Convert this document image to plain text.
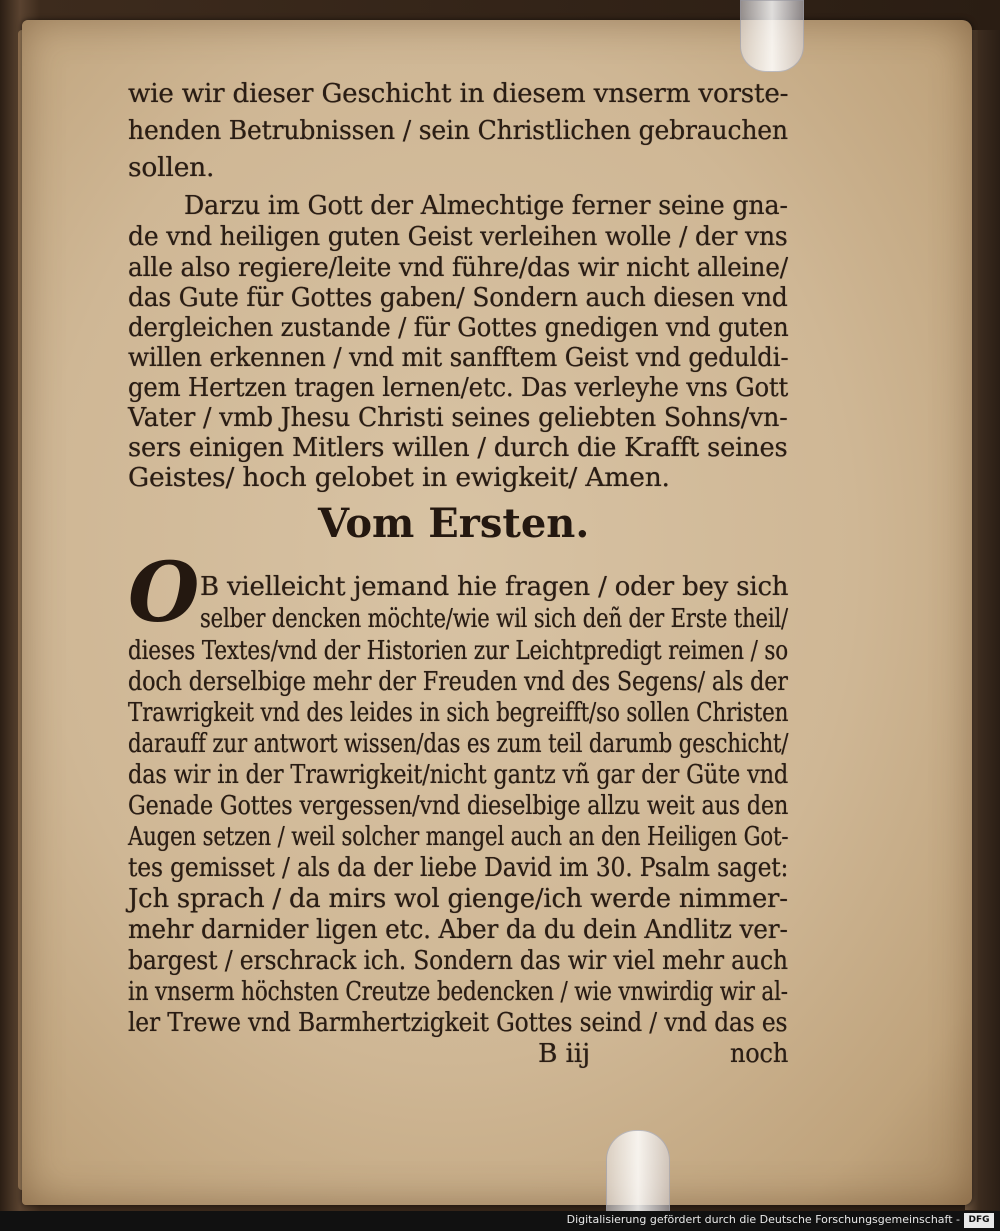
wie wir dieser Geschicht in diesem vnserm vorste-
henden Betrubnissen / sein Christlichen gebrauchen
sollen.
Darzu im Gott der Almechtige ferner seine gna-
de vnd heiligen guten Geist verleihen wolle / der vns
alle also regiere/leite vnd führe/das wir nicht alleine/
das Gute für Gottes gaben/ Sondern auch diesen vnd
dergleichen zustande / für Gottes gnedigen vnd guten
willen erkennen / vnd mit sanfftem Geist vnd geduldi-
gem Hertzen tragen lernen/etc. Das verleyhe vns Gott
Vater / vmb Jhesu Christi seines geliebten Sohns/vn-
sers einigen Mitlers willen / durch die Krafft seines
Geistes/ hoch gelobet in ewigkeit/ Amen.
Vom Ersten.
O B vielleicht jemand hie fragen / oder bey sich
selber dencken möchte/wie wil sich deñ der Erste theil/
dieses Textes/vnd der Historien zur Leichtpredigt reimen / so
doch derselbige mehr der Freuden vnd des Segens/ als der
Trawrigkeit vnd des leides in sich begreifft/so sollen Christen
darauff zur antwort wissen/das es zum teil darumb geschicht/
das wir in der Trawrigkeit/nicht gantz vñ gar der Güte vnd
Genade Gottes vergessen/vnd dieselbige allzu weit aus den
Augen setzen / weil solcher mangel auch an den Heiligen Got-
tes gemisset / als da der liebe David im 30. Psalm saget:
Jch sprach / da mirs wol gienge/ich werde nimmer-
mehr darnider ligen etc. Aber da du dein Andlitz ver-
bargest / erschrack ich. Sondern das wir viel mehr auch
in vnserm höchsten Creutze bedencken / wie vnwirdig wir al-
ler Trewe vnd Barmhertzigkeit Gottes seind / vnd das es
B iij	noch
Digitalisierung gefördert durch die Deutsche Forschungsgemeinschaft - DFG
